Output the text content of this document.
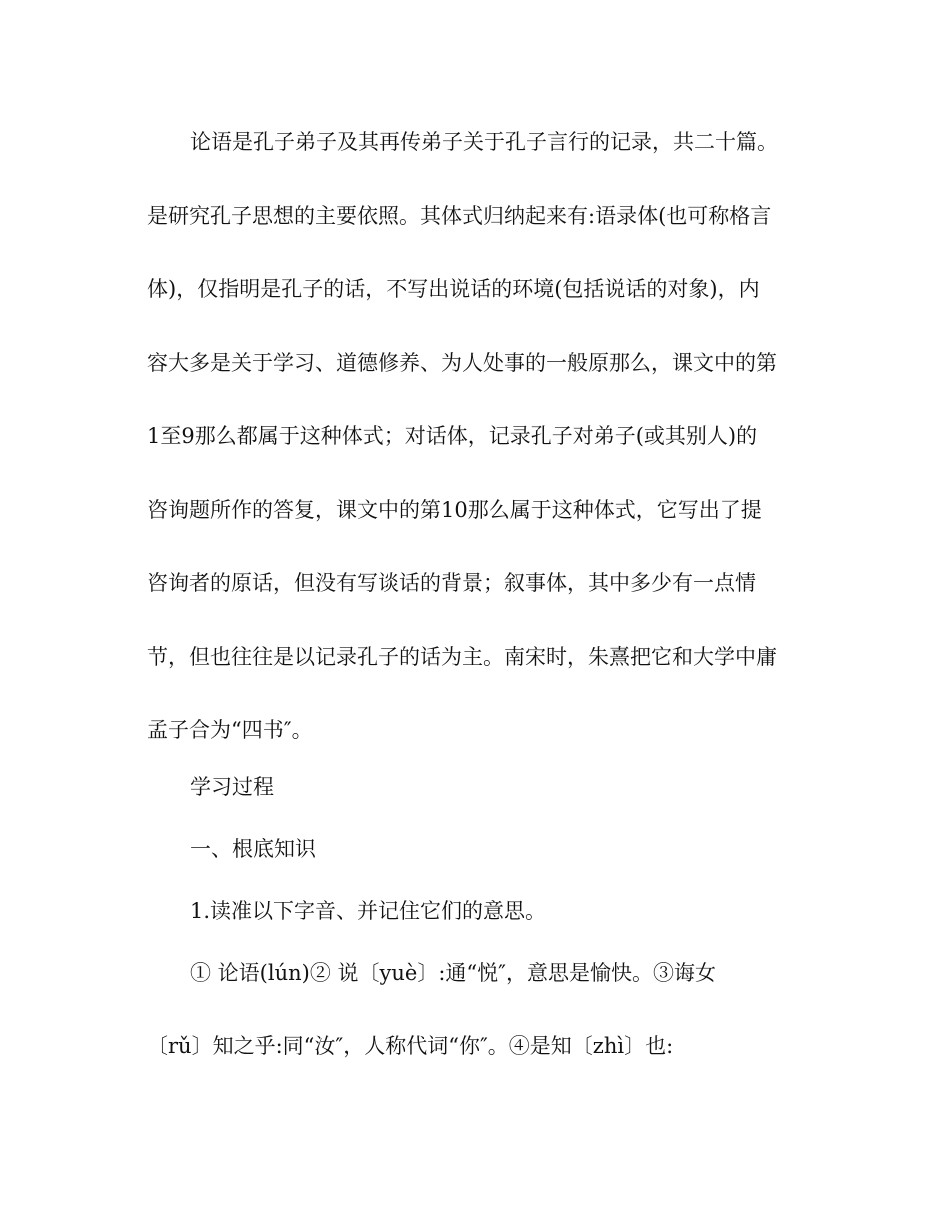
论语是孔子弟子及其再传弟子关于孔子言行的记录，共二十篇。
是研究孔子思想的主要依照。其体式归纳起来有:语录体(也可称格言
体)，仅指明是孔子的话，不写出说话的环境(包括说话的对象)，内
容大多是关于学习、道德修养、为人处事的一般原那么，课文中的第
1至9那么都属于这种体式；对话体，记录孔子对弟子(或其别人)的
咨询题所作的答复，课文中的第10那么属于这种体式，它写出了提
咨询者的原话，但没有写谈话的背景；叙事体，其中多少有一点情
节，但也往往是以记录孔子的话为主。南宋时，朱熹把它和大学中庸
孟子合为“四书″。
学习过程
一、根底知识
1.读准以下字音、并记住它们的意思。
① 论语(lún)② 说〔yuè〕:通“悦″，意思是愉快。③诲女
〔rǔ〕知之乎:同“汝″，人称代词“你″。④是知〔zhì〕也:
